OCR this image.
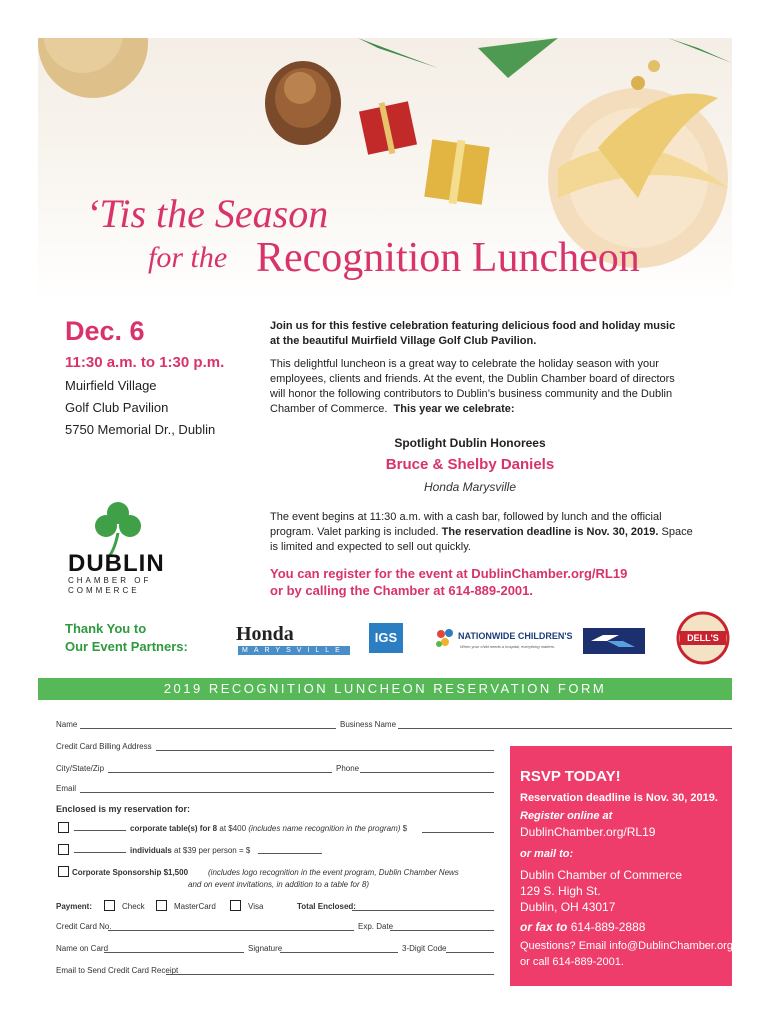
‘Tis the Season
for the Recognition Luncheon
Dec. 6
11:30 a.m. to 1:30 p.m.
Muirfield Village
Golf Club Pavilion
5750 Memorial Dr., Dublin
DUBLIN
CHAMBER OF
COMMERCE
Thank You to
Our Event Partners:
Join us for this festive celebration featuring delicious food and holiday music at the beautiful Muirfield Village Golf Club Pavilion.
This delightful luncheon is a great way to celebrate the holiday season with your employees, clients and friends. At the event, the Dublin Chamber board of directors will honor the following contributors to Dublin’s business community and the Dublin Chamber of Commerce. This year we celebrate:
Spotlight Dublin Honorees
Bruce & Shelby Daniels
Honda Marysville
The event begins at 11:30 a.m. with a cash bar, followed by lunch and the official program. Valet parking is included. The reservation deadline is Nov. 30, 2019. Space is limited and expected to sell out quickly.
You can register for the event at DublinChamber.org/RL19
or by calling the Chamber at 614-889-2001.
Honda
MARYSVILLE
IGS	NATIONWIDE CHILDREN'S
When your child needs a hospital, everything matters.
DELL'S
2019 RECOGNITION LUNCHEON RESERVATION FORM
Name	Business Name
Credit Card Billing Address
City/State/Zip	Phone
Email
Enclosed is my reservation for:
corporate table(s) for 8 at $400 (includes name recognition in the program) $
individuals at $39 per person = $
Corporate Sponsorship $1,500 (includes logo recognition in the event program, Dublin Chamber News
and on event invitations, in addition to a table for 8)
Payment:	Check	MasterCard	Visa	Total Enclosed:
Credit Card No.	Exp. Date
Name on Card	Signature	3-Digit Code
Email to Send Credit Card Receipt
RSVP TODAY!
Reservation deadline is Nov. 30, 2019.
Register online at
DublinChamber.org/RL19
or mail to:
Dublin Chamber of Commerce
129 S. High St.
Dublin, OH 43017
or fax to 614-889-2888
Questions? Email info@DublinChamber.org
or call 614-889-2001.
